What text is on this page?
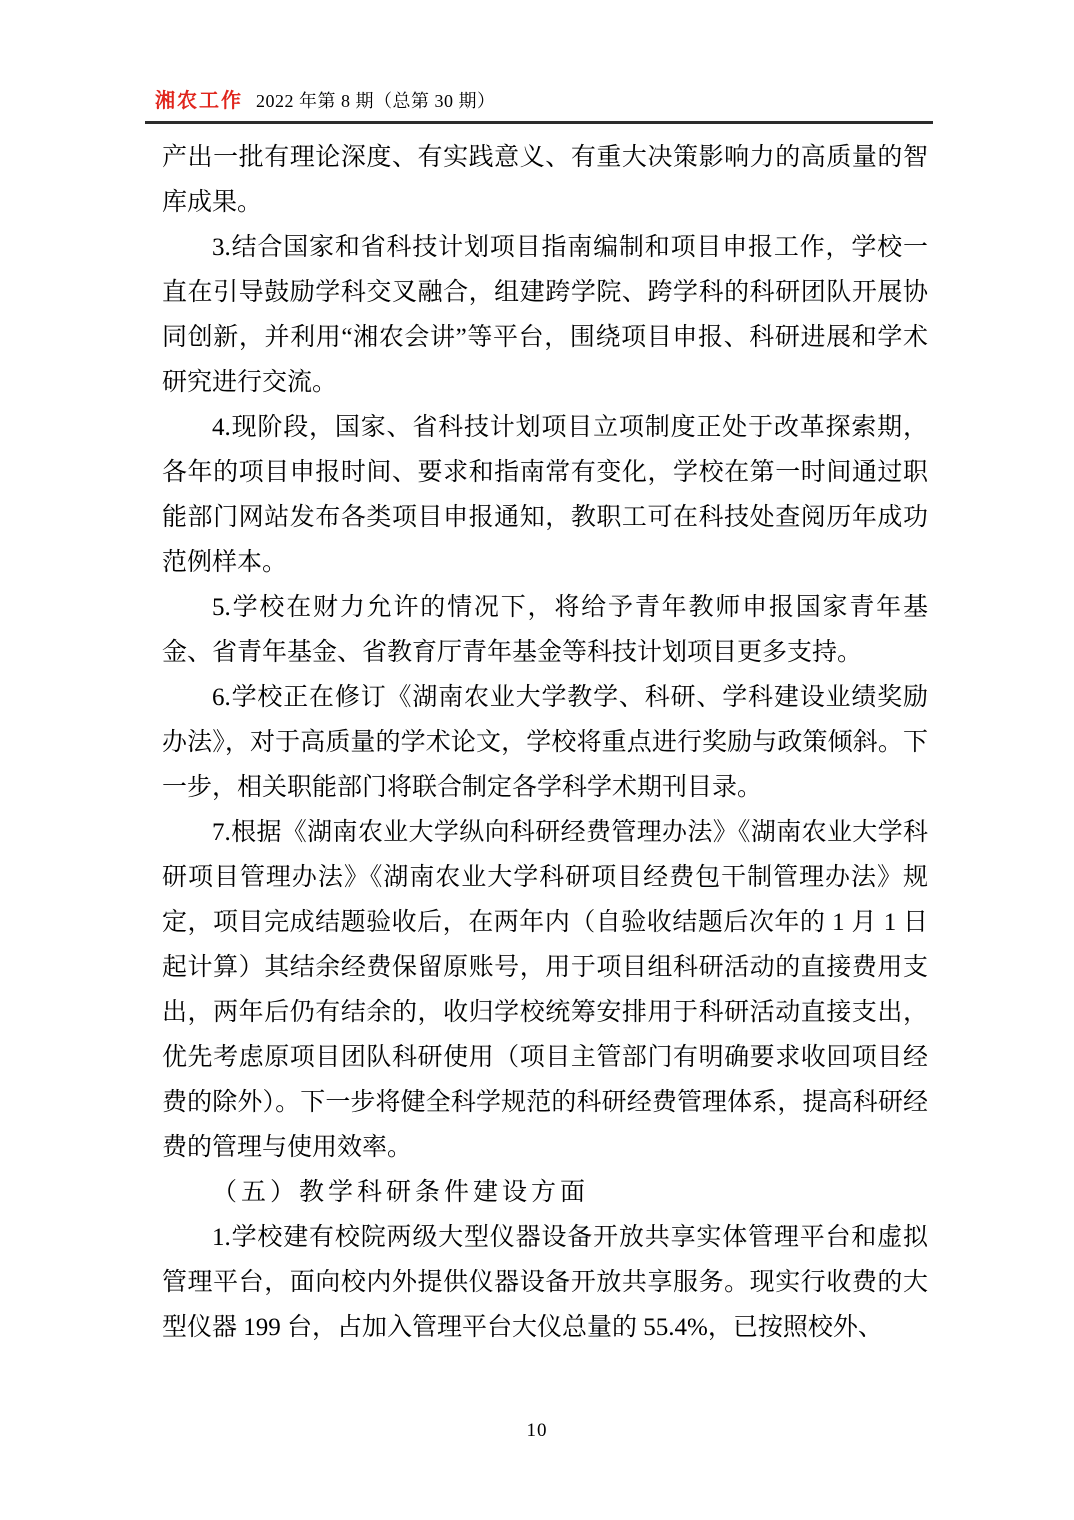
湘农工作 2022 年第 8 期（总第 30 期）

产出一批有理论深度、有实践意义、有重大决策影响力的高质量的智库成果。

3.结合国家和省科技计划项目指南编制和项目申报工作，学校一直在引导鼓励学科交叉融合，组建跨学院、跨学科的科研团队开展协同创新，并利用“湘农会讲”等平台，围绕项目申报、科研进展和学术研究进行交流。

4.现阶段，国家、省科技计划项目立项制度正处于改革探索期，各年的项目申报时间、要求和指南常有变化，学校在第一时间通过职能部门网站发布各类项目申报通知，教职工可在科技处查阅历年成功范例样本。

5.学校在财力允许的情况下，将给予青年教师申报国家青年基金、省青年基金、省教育厅青年基金等科技计划项目更多支持。

6.学校正在修订《湖南农业大学教学、科研、学科建设业绩奖励办法》，对于高质量的学术论文，学校将重点进行奖励与政策倾斜。下一步，相关职能部门将联合制定各学科学术期刊目录。

7.根据《湖南农业大学纵向科研经费管理办法》《湖南农业大学科研项目管理办法》《湖南农业大学科研项目经费包干制管理办法》规定，项目完成结题验收后，在两年内（自验收结题后次年的 1 月 1 日起计算）其结余经费保留原账号，用于项目组科研活动的直接费用支出，两年后仍有结余的，收归学校统筹安排用于科研活动直接支出，优先考虑原项目团队科研使用（项目主管部门有明确要求收回项目经费的除外）。下一步将健全科学规范的科研经费管理体系，提高科研经费的管理与使用效率。

（五）教学科研条件建设方面

1.学校建有校院两级大型仪器设备开放共享实体管理平台和虚拟管理平台，面向校内外提供仪器设备开放共享服务。现实行收费的大型仪器 199 台，占加入管理平台大仪总量的 55.4%，已按照校外、

10
